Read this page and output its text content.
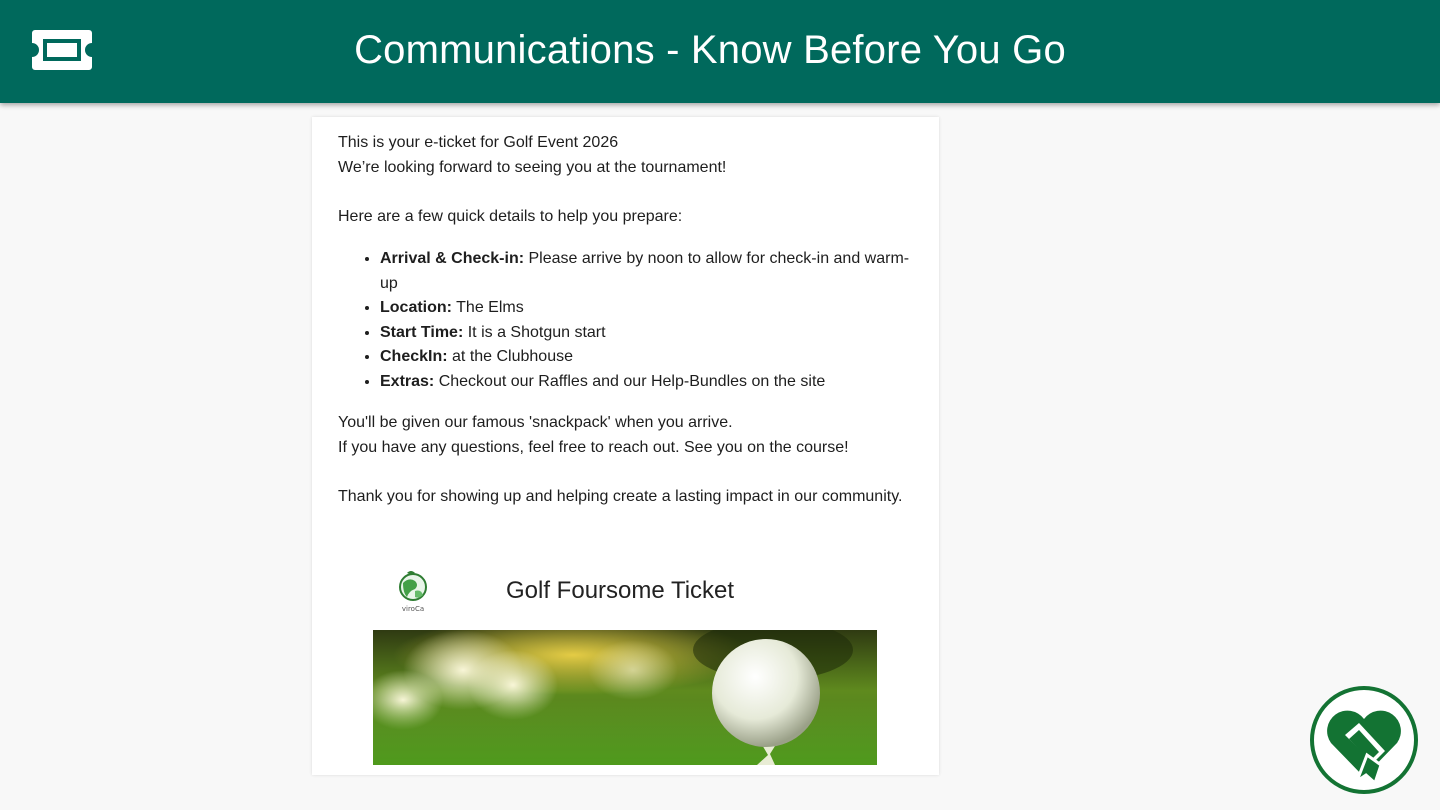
Communications - Know Before You Go

This is your e-ticket for Golf Event 2026

We’re looking forward to seeing you at the tournament!

Here are a few quick details to help you prepare:

• Arrival & Check-in: Please arrive by noon to allow for check-in and warm-up
• Location: The Elms
• Start Time: It is a Shotgun start
• CheckIn: at the Clubhouse
• Extras: Checkout our Raffles and our Help-Bundles on the site

You'll be given our famous 'snackpack' when you arrive.

If you have any questions, feel free to reach out. See you on the course!

Thank you for showing up and helping create a lasting impact in our community.

viroCa
Golf Foursome Ticket
